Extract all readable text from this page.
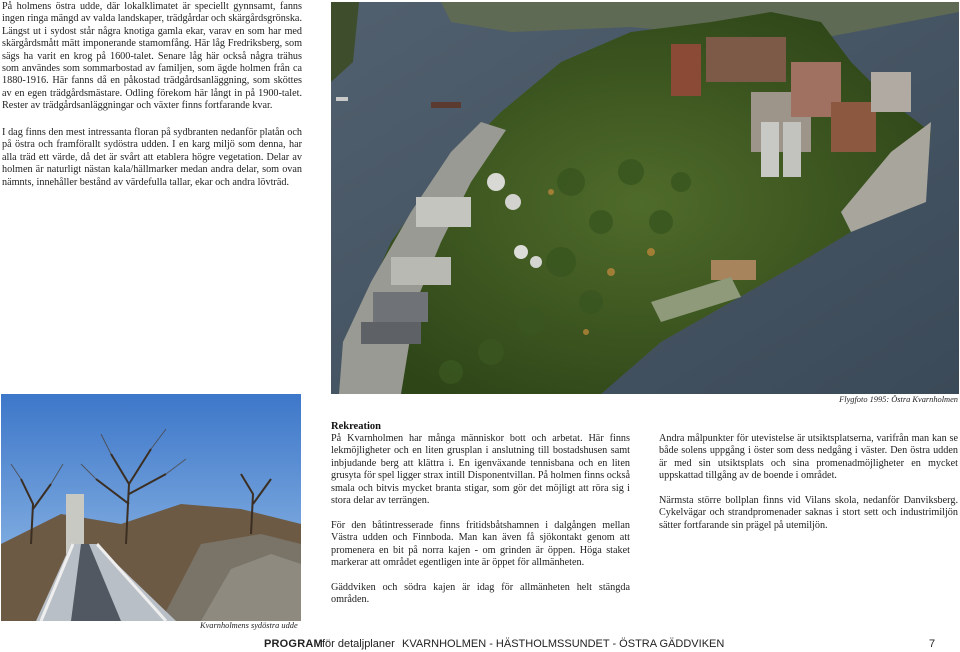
På holmens östra udde, där lokalklimatet är speciellt gynnsamt, fanns ingen ringa mängd av valda landskaper, trädgårdar och skärgårdsgrönska. Längst ut i sydost står några knotiga gamla ekar, varav en som har med skärgårdsmått mätt imponerande stamomfång. Här låg Fredriksberg, som sägs ha varit en krog på 1600-talet. Senare låg här också några trähus som användes som sommarbostad av familjen, som ägde holmen från ca 1880-1916. Här fanns då en påkostad trädgårdsanläggning, som sköttes av en egen trädgårdsmästare. Odling förekom här långt in på 1900-talet. Rester av trädgårdsanläggningar och växter finns fortfarande kvar.

I dag finns den mest intressanta floran på sydbranten nedanför platån och på östra och framförallt sydöstra udden. I en karg miljö som denna, har alla träd ett värde, då det är svårt att etablera högre vegetation. Delar av holmen är naturligt nästan kala/hällmarker medan andra delar, som ovan nämnts, innehåller bestånd av värdefulla tallar, ekar och andra lövträd.

Flygfoto 1995: Östra Kvarnholmen

Kvarnholmens sydöstra udde

Rekreation

På Kvarnholmen har många människor bott och arbetat. Här finns lekmöjligheter och en liten grusplan i anslutning till bostadshusen samt inbjudande berg att klättra i. En igenväxande tennisbana och en liten grusyta för spel ligger strax intill Disponentvillan. På holmen finns också smala och bitvis mycket branta stigar, som gör det möjligt att röra sig i stora delar av terrängen.

För den båtintresserade finns fritidsbåtshamnen i dalgången mellan Västra udden och Finnboda. Man kan även få sjökontakt genom att promenera en bit på norra kajen - om grinden är öppen. Höga staket markerar att området egentligen inte är öppet för allmänheten.

Gäddviken och södra kajen är idag för allmänheten helt stängda områden.

Andra målpunkter för utevistelse är utsiktsplatserna, varifrån man kan se både solens uppgång i öster som dess nedgång i väster. Den östra udden är med sin utsiktsplats och sina promenadmöjligheter en mycket uppskattad tillgång av de boende i området.

Närmsta större bollplan finns vid Vilans skola, nedanför Danviksberg. Cykelvägar och strandpromenader saknas i stort sett och industrimiljön sätter fortfarande sin prägel på utemiljön.

PROGRAM för detaljplaner KVARNHOLMEN - HÄSTHOLMSSUNDET - ÖSTRA GÄDDVIKEN	7
